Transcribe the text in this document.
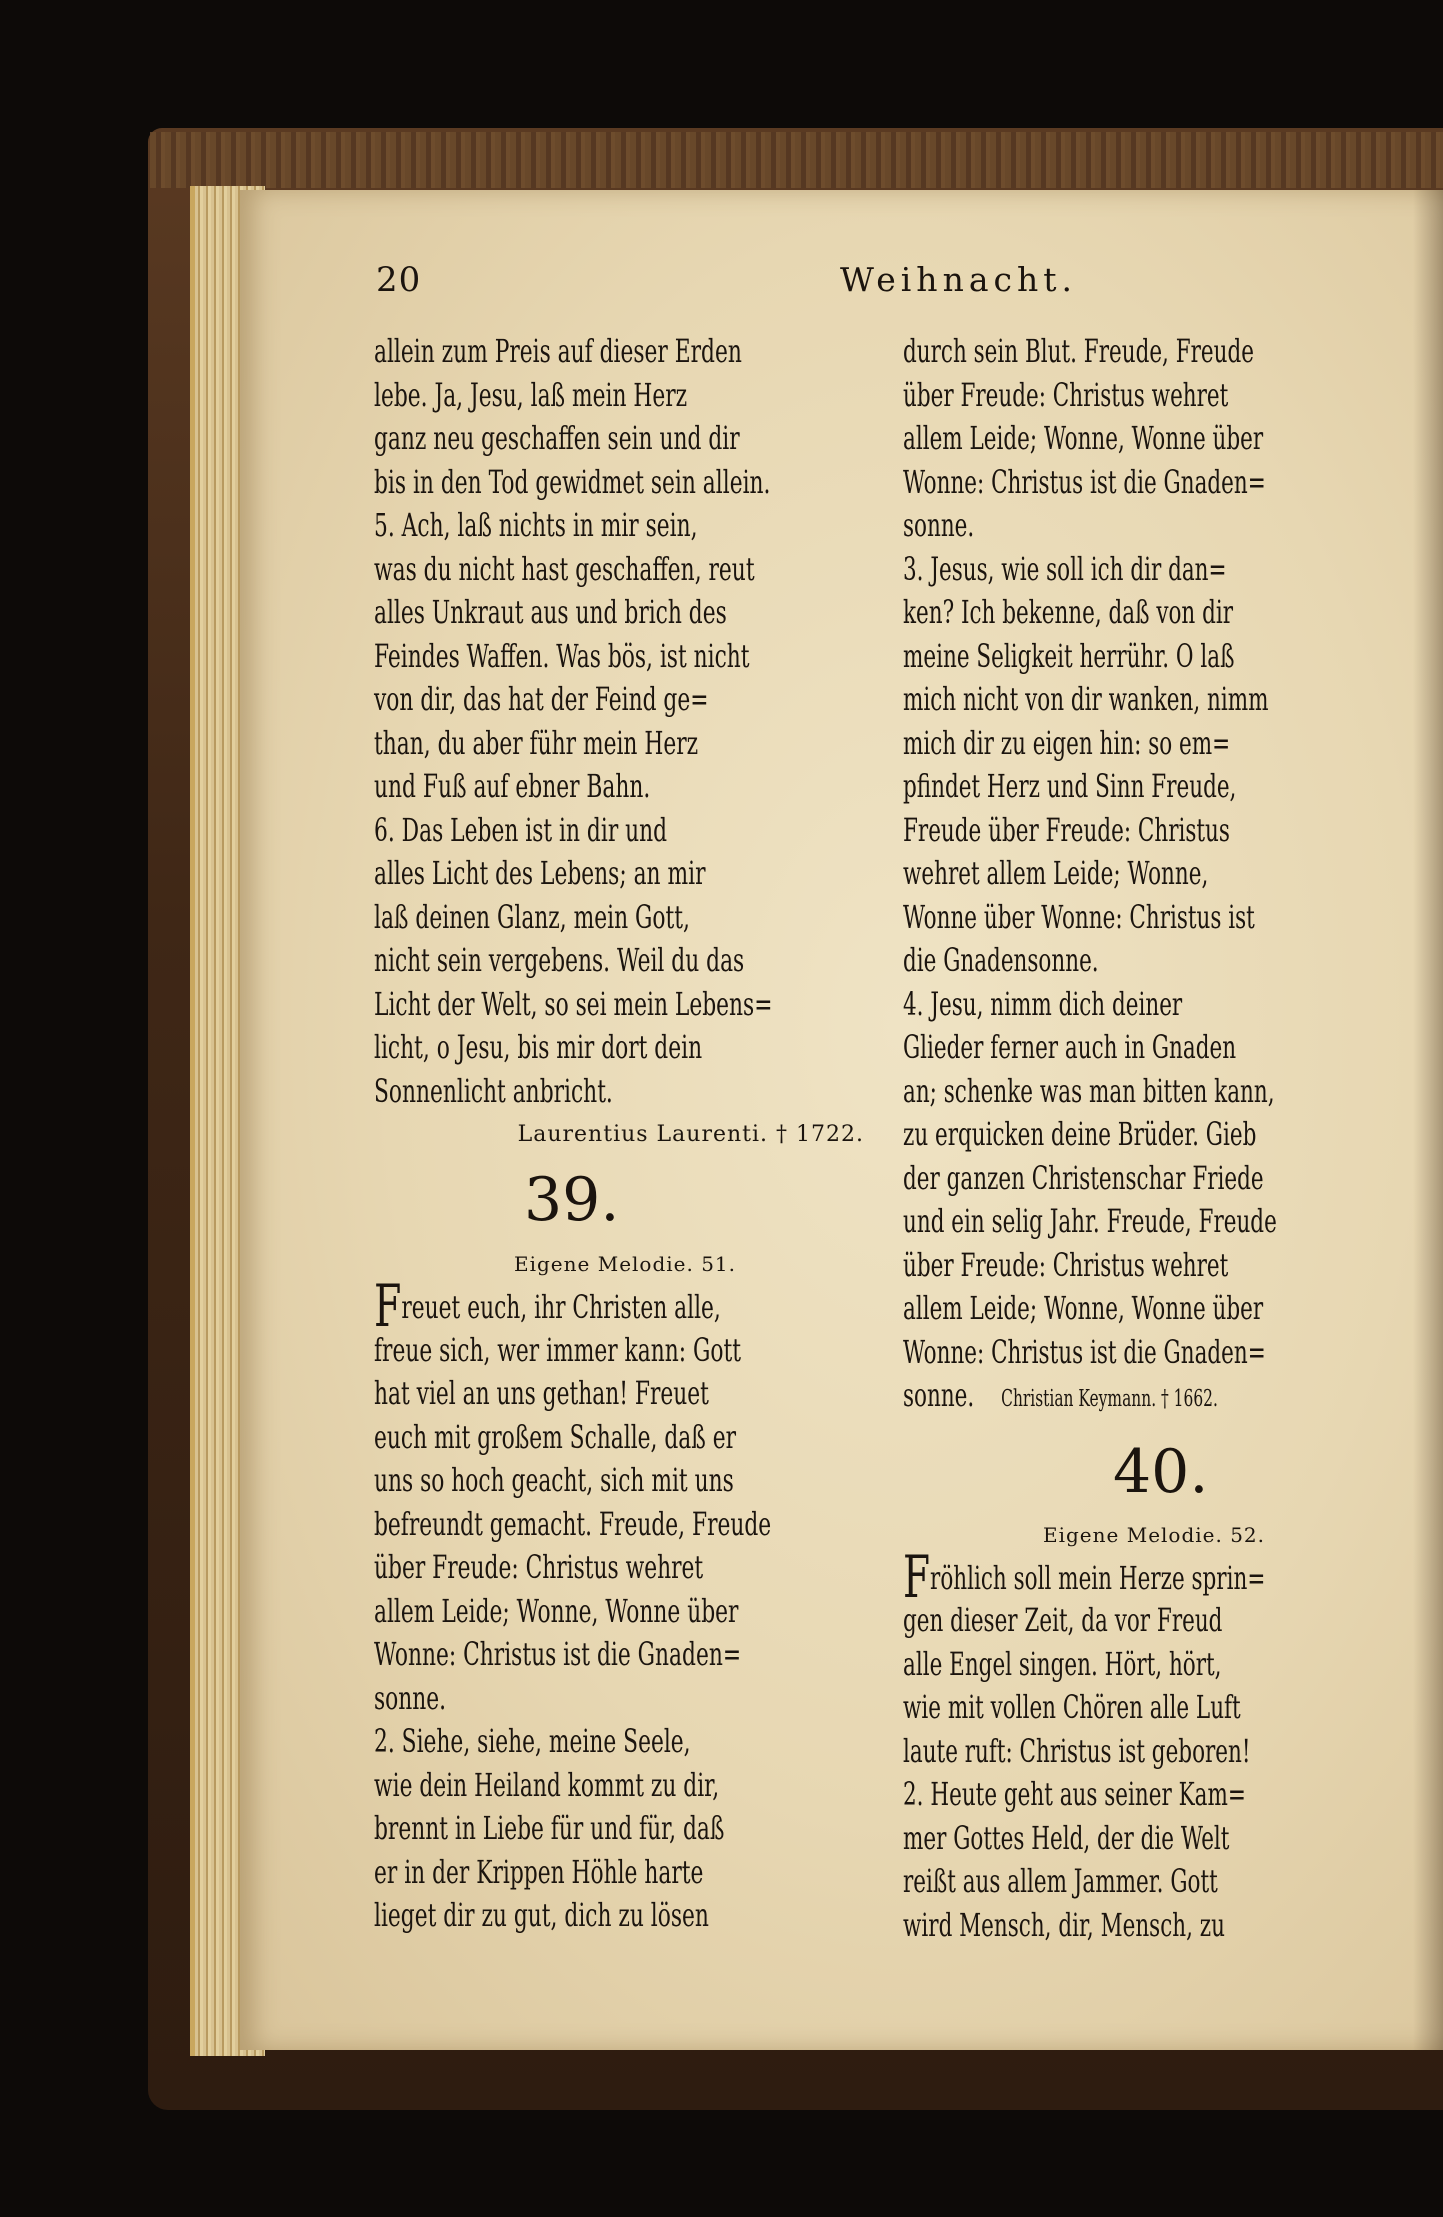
20	Weihnacht.
allein zum Preis auf dieser Erden
lebe. Ja, Jesu, laß mein Herz
ganz neu geschaffen sein und dir
bis in den Tod gewidmet sein allein.
5. Ach, laß nichts in mir sein,
was du nicht hast geschaffen, reut
alles Unkraut aus und brich des
Feindes Waffen. Was bös, ist nicht
von dir, das hat der Feind ge=
than, du aber führ mein Herz
und Fuß auf ebner Bahn.
6. Das Leben ist in dir und
alles Licht des Lebens; an mir
laß deinen Glanz, mein Gott,
nicht sein vergebens. Weil du das
Licht der Welt, so sei mein Lebens=
licht, o Jesu, bis mir dort dein
Sonnenlicht anbricht.
Laurentius Laurenti. † 1722.
39.
Eigene Melodie. 51.
Freuet euch, ihr Christen alle,
freue sich, wer immer kann: Gott
hat viel an uns gethan! Freuet
euch mit großem Schalle, daß er
uns so hoch geacht, sich mit uns
befreundt gemacht. Freude, Freude
über Freude: Christus wehret
allem Leide; Wonne, Wonne über
Wonne: Christus ist die Gnaden=
sonne.
2. Siehe, siehe, meine Seele,
wie dein Heiland kommt zu dir,
brennt in Liebe für und für, daß
er in der Krippen Höhle harte
lieget dir zu gut, dich zu lösen
durch sein Blut. Freude, Freude
über Freude: Christus wehret
allem Leide; Wonne, Wonne über
Wonne: Christus ist die Gnaden=
sonne.
3. Jesus, wie soll ich dir dan=
ken? Ich bekenne, daß von dir
meine Seligkeit herrühr. O laß
mich nicht von dir wanken, nimm
mich dir zu eigen hin: so em=
pfindet Herz und Sinn Freude,
Freude über Freude: Christus
wehret allem Leide; Wonne,
Wonne über Wonne: Christus ist
die Gnadensonne.
4. Jesu, nimm dich deiner
Glieder ferner auch in Gnaden
an; schenke was man bitten kann,
zu erquicken deine Brüder. Gieb
der ganzen Christenschar Friede
und ein selig Jahr. Freude, Freude
über Freude: Christus wehret
allem Leide; Wonne, Wonne über
Wonne: Christus ist die Gnaden=
sonne. Christian Keymann. † 1662.
40.
Eigene Melodie. 52.
Fröhlich soll mein Herze sprin=
gen dieser Zeit, da vor Freud
alle Engel singen. Hört, hört,
wie mit vollen Chören alle Luft
laute ruft: Christus ist geboren!
2. Heute geht aus seiner Kam=
mer Gottes Held, der die Welt
reißt aus allem Jammer. Gott
wird Mensch, dir, Mensch, zu
